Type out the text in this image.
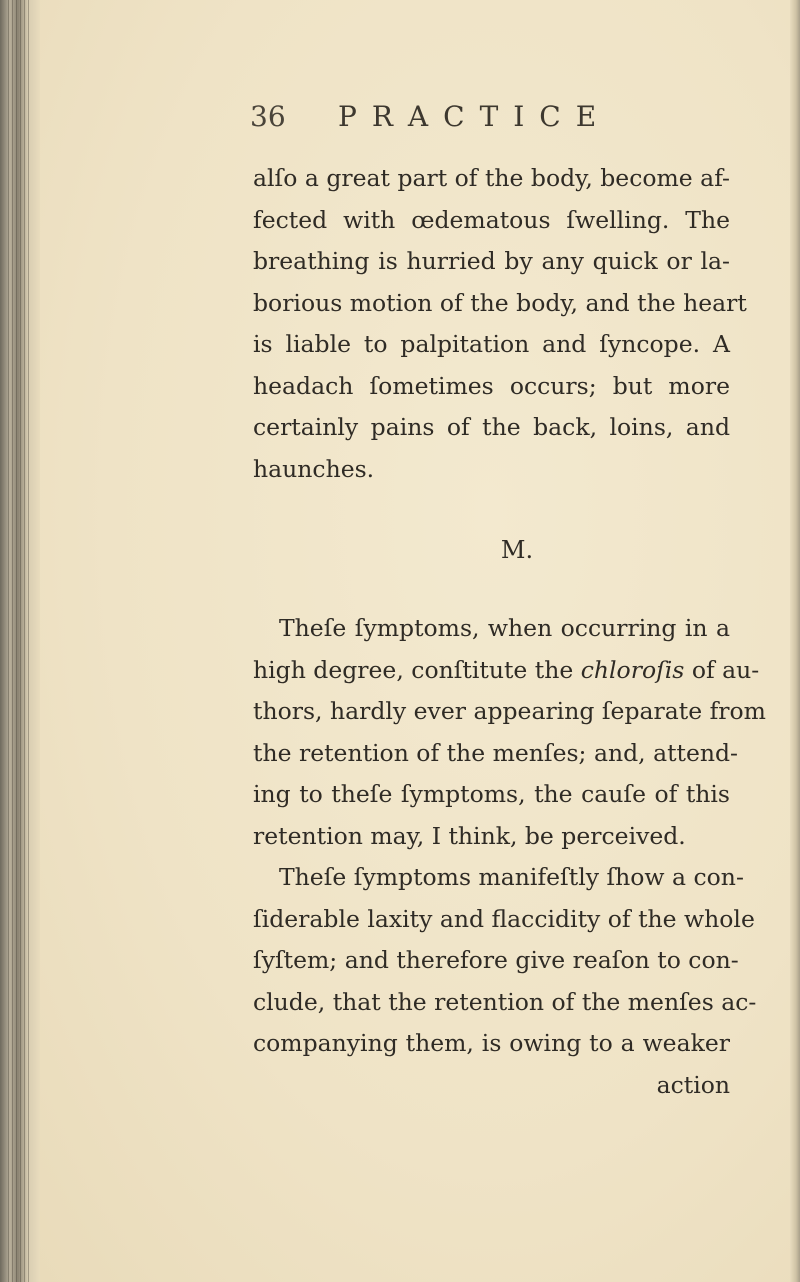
36 PRACTICE
alſo a great part of the body, become af-
fected with œdematous ſwelling. The
breathing is hurried by any quick or la-
borious motion of the body, and the heart
is liable to palpitation and ſyncope. A
headach ſometimes occurs; but more
certainly pains of the back, loins, and
haunches.
M.
Theſe ſymptoms, when occurring in a
high degree, conſtitute the chloroſis of au-
thors, hardly ever appearing ſeparate from
the retention of the menſes; and, attend-
ing to theſe ſymptoms, the cauſe of this
retention may, I think, be perceived.
Theſe ſymptoms manifeſtly ſhow a con-
ſiderable laxity and flaccidity of the whole
ſyſtem; and therefore give reaſon to con-
clude, that the retention of the menſes ac-
companying them, is owing to a weaker
action
